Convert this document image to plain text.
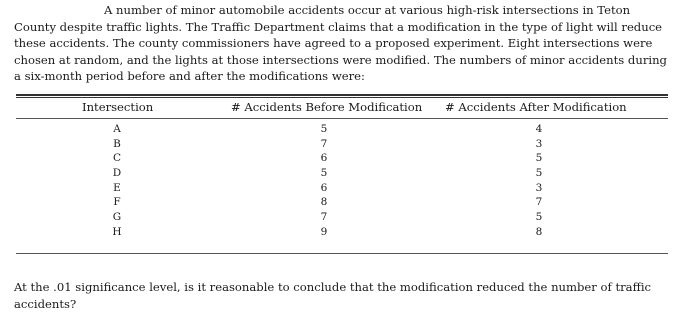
A number of minor automobile accidents occur at various high-risk intersections in Teton County despite traffic lights. The Traffic Department claims that a modification in the type of light will reduce these accidents. The county commissioners have agreed to a proposed experiment. Eight intersections were chosen at random, and the lights at those intersections were modified. The numbers of minor accidents during a six-month period before and after the modifications were:

Intersection	# Accidents Before Modification # Accidents After Modification
A
B
C
D
E
F
G
H
5
7
6
5
6
8
7
9
4
3
5
5
3
7
5
8

At the .01 significance level, is it reasonable to conclude that the modification reduced the number of traffic accidents?
